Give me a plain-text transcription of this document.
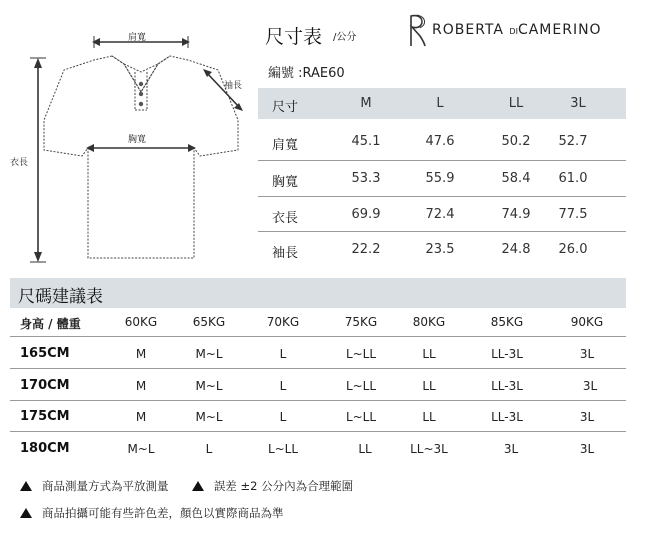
肩寬
袖長
胸寬
衣長
尺寸表 /公分	ROBERTA DICAMERINO
編號 :RAE60
尺寸	M	L	LL	3L
肩寬	45.1	47.6	50.2	52.7
胸寬	53.3	55.9	58.4	61.0
衣長	69.9	72.4	74.9	77.5
袖長	22.2	23.5	24.8	26.0
尺碼建議表
身高 / 體重	60KG	65KG	70KG	75KG	80KG	85KG	90KG
165CM	M	M~L	L	L~LL	LL	LL-3L	3L
170CM	M	M~L	L	L~LL	LL	LL-3L	3L
175CM	M	M~L	L	L~LL	LL	LL-3L	3L
180CM	M~L	L	L~LL	LL	LL~3L	3L	3L
商品測量方式為平放測量	誤差 ±2 公分內為合理範圍
商品拍攝可能有些許色差，顏色以實際商品為準
